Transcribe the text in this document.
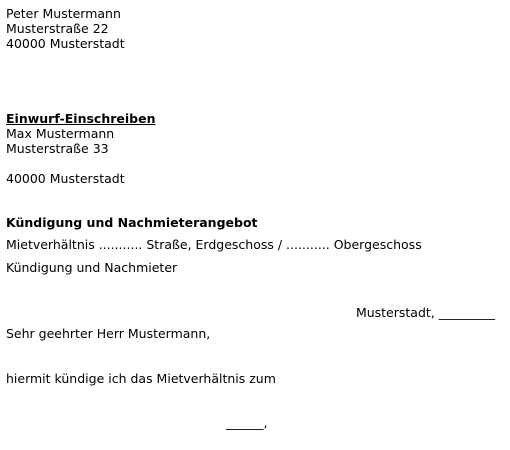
Peter Mustermann
Musterstraße 22
40000 Musterstadt
Einwurf-Einschreiben
Max Mustermann
Musterstraße 33
40000 Musterstadt
Kündigung und Nachmieterangebot
Mietverhältnis ........... Straße, Erdgeschoss / ........... Obergeschoss
Kündigung und Nachmieter
Musterstadt, _________
Sehr geehrter Herr Mustermann,
hiermit kündige ich das Mietverhältnis zum
______,
